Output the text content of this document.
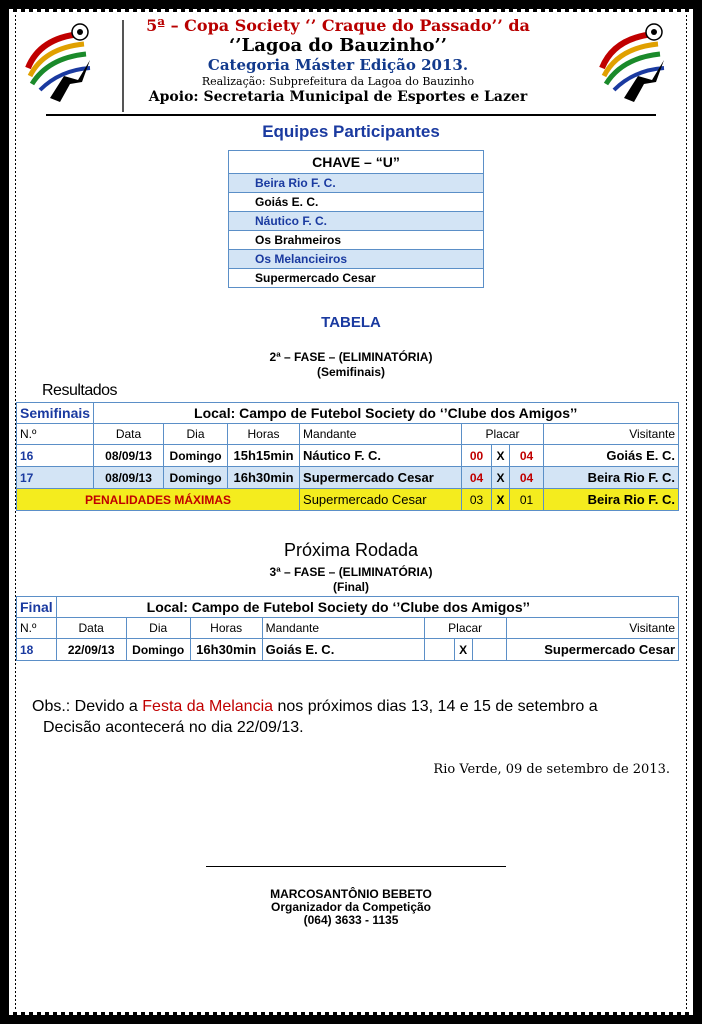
5ª – Copa Society ‘’ Craque do Passado’’ da
‘’Lagoa do Bauzinho’’
Categoria Máster Edição 2013.
Realização: Subprefeitura da Lagoa do Bauzinho
Apoio: Secretaria Municipal de Esportes e Lazer
Equipes Participantes
CHAVE – “U”
Beira Rio F. C.
Goiás E. C.
Náutico F. C.
Os Brahmeiros
Os Melancieiros
Supermercado Cesar
TABELA
2ª – FASE – (ELIMINATÓRIA)
(Semifinais)
Resultados
Semifinais	Local: Campo de Futebol Society do ‘’Clube dos Amigos’’							
N.º	Data	Dia	Horas	Mandante	Placar			Visitante
16	08/09/13	Domingo	15h15min	Náutico F. C.	00	X	04	Goiás E. C.
17	08/09/13	Domingo	16h30min	Supermercado Cesar	04	X	04	Beira Rio F. C.
PENALIDADES MÁXIMAS				Supermercado Cesar	03	X	01	Beira Rio F. C.
Próxima Rodada
3ª – FASE – (ELIMINATÓRIA)
(Final)
Final	Local: Campo de Futebol Society do ‘’Clube dos Amigos’’							
N.º	Data	Dia	Horas	Mandante	Placar			Visitante
18	22/09/13	Domingo	16h30min	Goiás E. C.		X		Supermercado Cesar
Obs.: Devido a Festa da Melancia nos próximos dias 13, 14 e 15 de setembro a
Decisão acontecerá no dia 22/09/13.
Rio Verde, 09 de setembro de 2013.
MARCOSANTÔNIO BEBETO
Organizador da Competição
(064) 3633 - 1135
